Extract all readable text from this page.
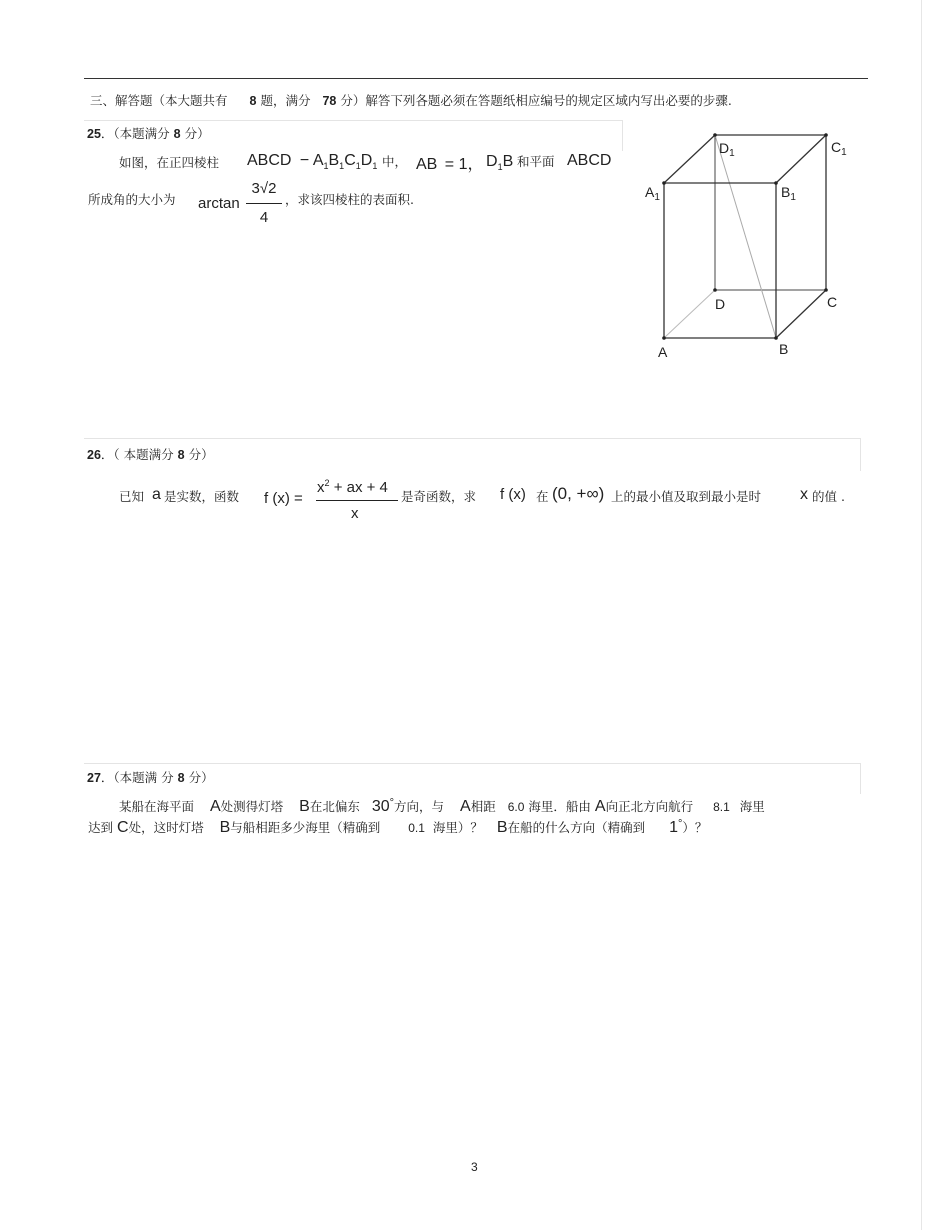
三、解答题（本大题共有 8 题，满分 78 分）解答下列各题必须在答题纸相应编号的规定区域内写出必要的步骤.
25．（本题满分 8 分）
如图，在正四棱柱 ABCD − $A_1B_1C_1D_1$ 中， AB = 1， $D_1B$ 和平面 ABCD
所成角的大小为 arctan
3√2
4
，求该四棱柱的表面积.
$D_1$	$C_1$
$A_1$	$B_1$
D	C
A	B
26．（ 本题满分 8 分）
已知 a 是实数，函数 f (x) =
$x^2$ + ax + 4
x
是奇函数，求 f (x) 在 (0, +∞) 上的最小值及取到最小是时 x 的值 .
27．（本题满 分 8 分）
某船在海平面 A处测得灯塔 B在北偏东 30°方向，与 A相距 6.0 海里．船由 A向正北方向航行 8.1 海里
达到 C处，这时灯塔 B与船相距多少海里（精确到 0.1 海里）？ B在船的什么方向（精确到 1°）？
3
